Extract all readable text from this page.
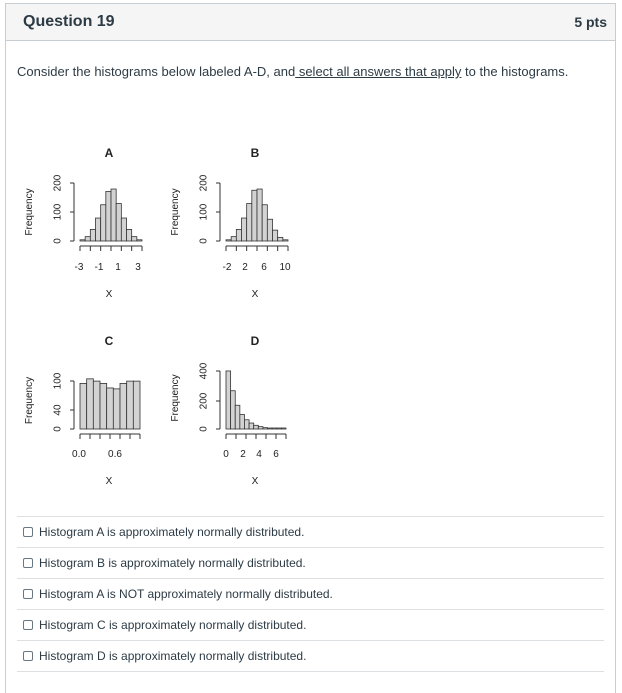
Question 19	5 pts
Consider the histograms below labeled A-D, and select all answers that apply to the histograms.
A
Frequency
0
100
200
-3 -1 1 3
X
B
Frequency
0
100
200
-2 2 6 10
X
C
Frequency
0
40
100
0.0 0.6
X
D
Frequency
0
200
400
0 2 4 6
X
Histogram A is approximately normally distributed.
Histogram B is approximately normally distributed.
Histogram A is NOT approximately normally distributed.
Histogram C is approximately normally distributed.
Histogram D is approximately normally distributed.
